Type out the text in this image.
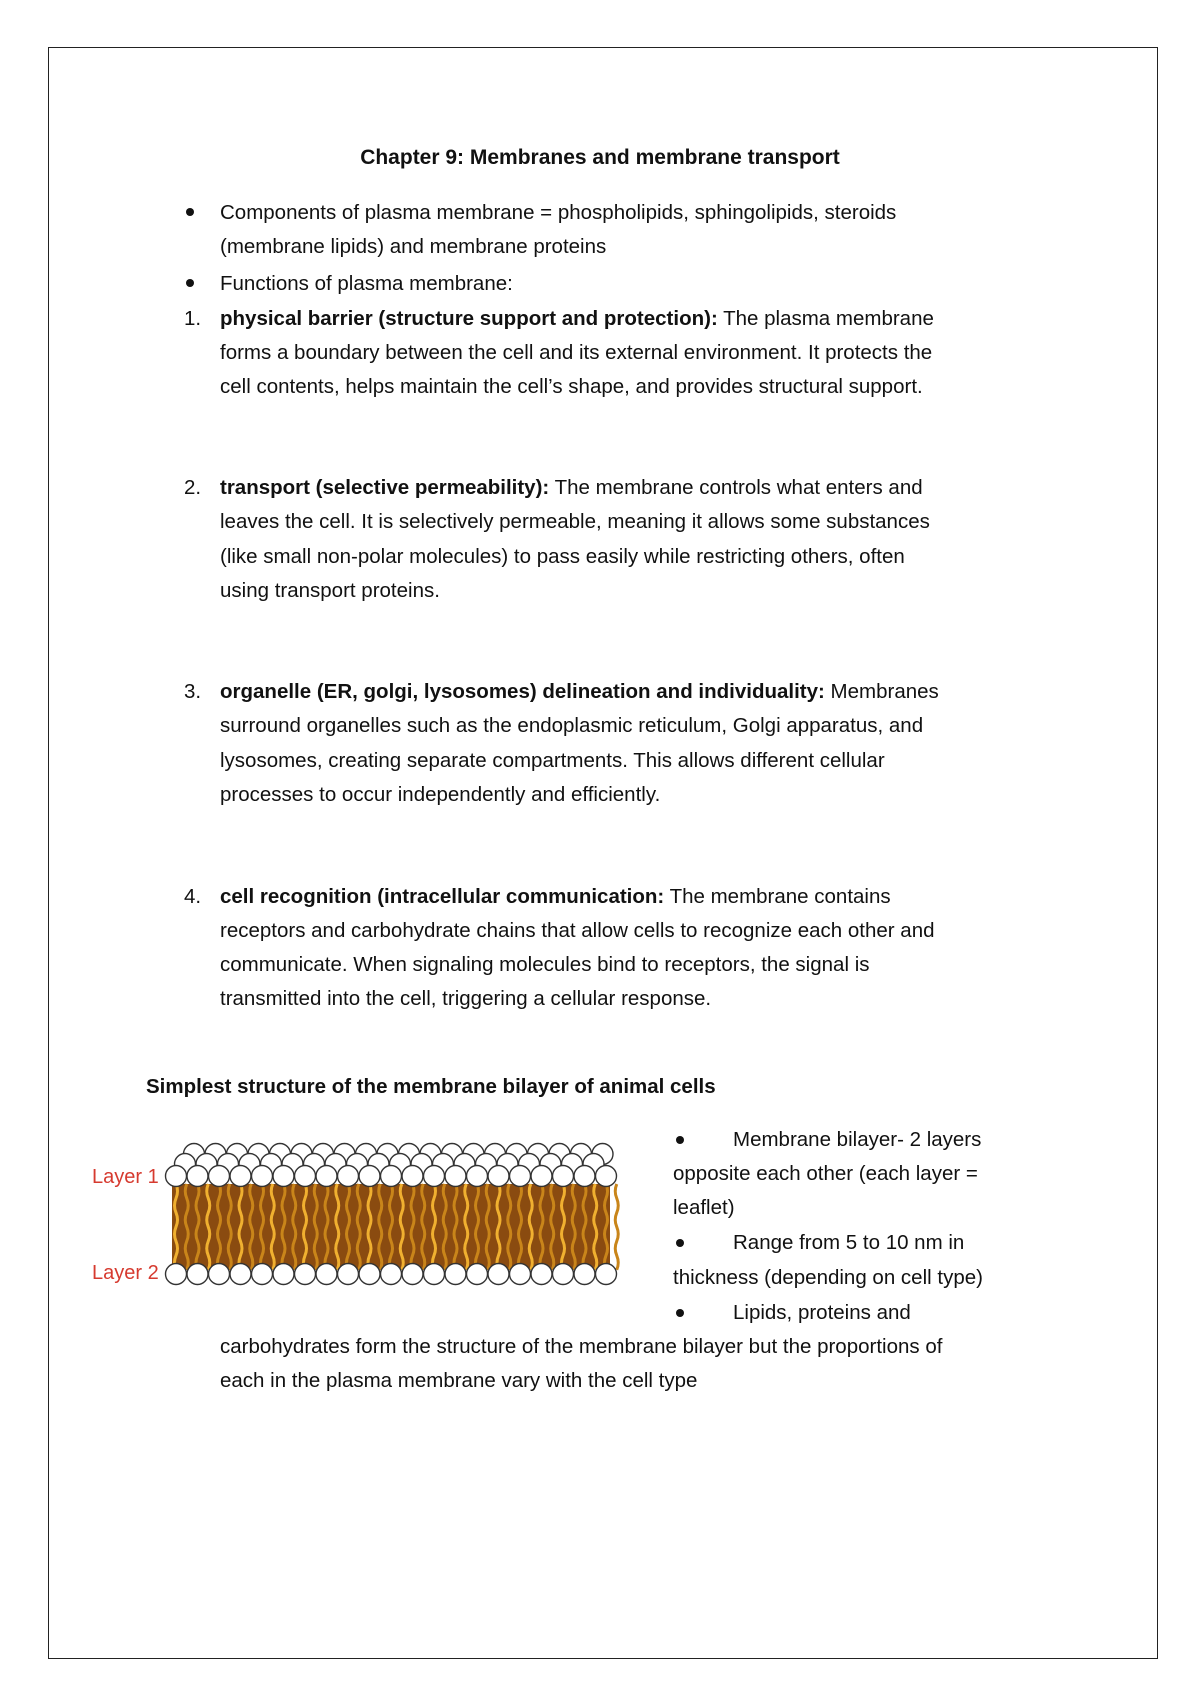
Chapter 9: Membranes and membrane transport
Components of plasma membrane = phospholipids, sphingolipids, steroids
(membrane lipids) and membrane proteins
Functions of plasma membrane:
1. physical barrier (structure support and protection): The plasma membrane
forms a boundary between the cell and its external environment. It protects the
cell contents, helps maintain the cell’s shape, and provides structural support.
2. transport (selective permeability): The membrane controls what enters and
leaves the cell. It is selectively permeable, meaning it allows some substances
(like small non-polar molecules) to pass easily while restricting others, often
using transport proteins.
3. organelle (ER, golgi, lysosomes) delineation and individuality: Membranes
surround organelles such as the endoplasmic reticulum, Golgi apparatus, and
lysosomes, creating separate compartments. This allows different cellular
processes to occur independently and efficiently.
4. cell recognition (intracellular communication: The membrane contains
receptors and carbohydrate chains that allow cells to recognize each other and
communicate. When signaling molecules bind to receptors, the signal is
transmitted into the cell, triggering a cellular response.
Simplest structure of the membrane bilayer of animal cells
Layer 1
Layer 2
Membrane bilayer- 2 layers
opposite each other (each layer =
leaflet)
Range from 5 to 10 nm in
thickness (depending on cell type)
Lipids, proteins and
carbohydrates form the structure of the membrane bilayer but the proportions of
each in the plasma membrane vary with the cell type
